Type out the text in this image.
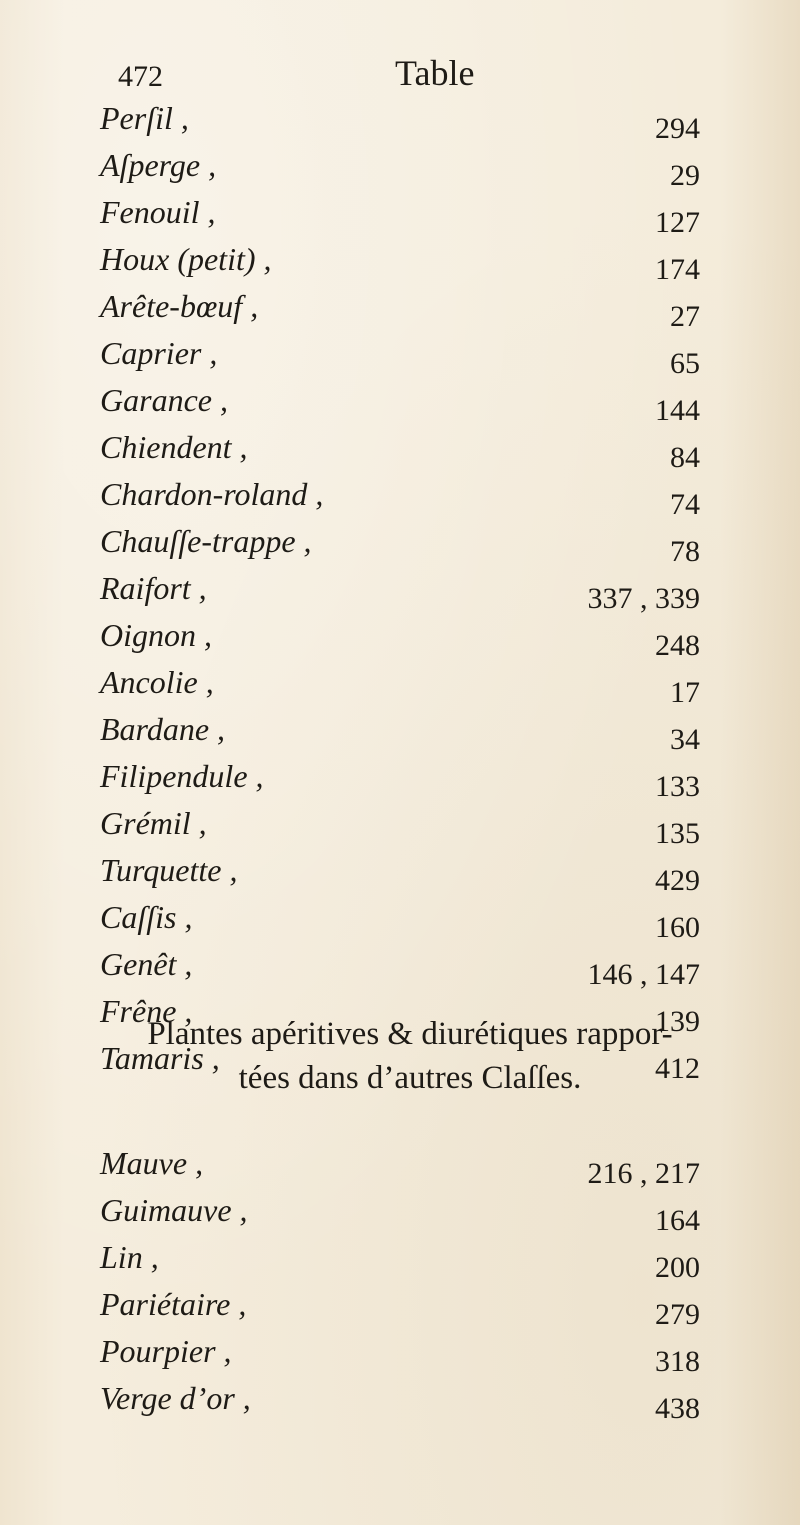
472	Table
Perſil ,	294
Aſperge ,	29
Fenouil ,	127
Houx (petit) ,	174
Arête-bœuf ,	27
Caprier ,	65
Garance ,	144
Chiendent ,	84
Chardon-roland ,	74
Chauſſe-trappe ,	78
Raifort ,	337 , 339
Oignon ,	248
Ancolie ,	17
Bardane ,	34
Filipendule ,	133
Grémil ,	135
Turquette ,	429
Caſſis ,	160
Genêt ,	146 , 147
Frêne ,	139
Tamaris ,	412
Plantes apéritives & diurétiques rappor-
tées dans d’autres Claſſes.
Mauve ,	216 , 217
Guimauve ,	164
Lin ,	200
Pariétaire ,	279
Pourpier ,	318
Verge d’or ,	438
